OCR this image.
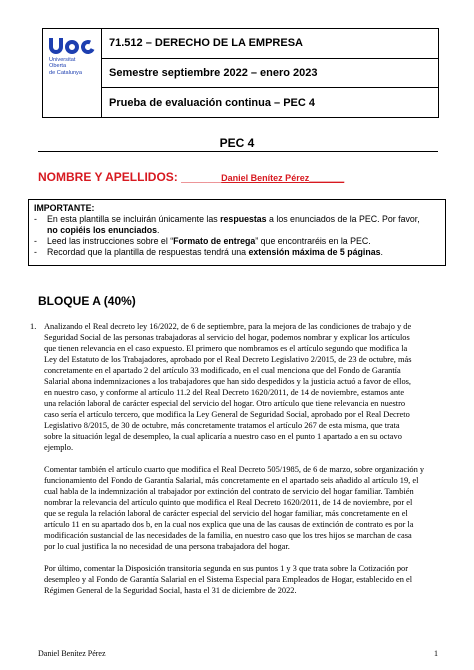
Universitat
Oberta
de Catalunya
71.512 – DERECHO DE LA EMPRESA
Semestre septiembre 2022 – enero 2023
Prueba de evaluación continua – PEC 4
PEC 4
NOMBRE Y APELLIDOS: ______Daniel Benítez Pérez_______
IMPORTANTE:
-	En esta plantilla se incluirán únicamente las respuestas a los enunciados de la PEC. Por favor,
no copiéis los enunciados.
-	Leed las instrucciones sobre el “Formato de entrega” que encontraréis en la PEC.
-	Recordad que la plantilla de respuestas tendrá una extensión máxima de 5 páginas.
BLOQUE A (40%)
1. Analizando el Real decreto ley 16/2022, de 6 de septiembre, para la mejora de las condiciones de trabajo y de
Seguridad Social de las personas trabajadoras al servicio del hogar, podemos nombrar y explicar los artículos
que tienen relevancia en el caso expuesto. El primero que nombramos es el artículo segundo que modifica la
Ley del Estatuto de los Trabajadores, aprobado por el Real Decreto Legislativo 2/2015, de 23 de octubre, más
concretamente en el apartado 2 del artículo 33 modificado, en el cual menciona que del Fondo de Garantía
Salarial abona indemnizaciones a los trabajadores que han sido despedidos y la justicia actuó a favor de ellos,
en nuestro caso, y conforme al artículo 11.2 del Real Decreto 1620/2011, de 14 de noviembre, estamos ante
una relación laboral de carácter especial del servicio del hogar. Otro artículo que tiene relevancia en nuestro
caso sería el artículo tercero, que modifica la Ley General de Seguridad Social, aprobado por el Real Decreto
Legislativo 8/2015, de 30 de octubre, más concretamente tratamos el artículo 267 de esta misma, que trata
sobre la situación legal de desempleo, la cual aplicaría a nuestro caso en el punto 1 apartado a en su octavo
ejemplo.
Comentar también el artículo cuarto que modifica el Real Decreto 505/1985, de 6 de marzo, sobre organización y
funcionamiento del Fondo de Garantía Salarial, más concretamente en el apartado seis añadido al artículo 19, el
cual habla de la indemnización al trabajador por extinción del contrato de servicio del hogar familiar. También
nombrar la relevancia del artículo quinto que modifica el Real Decreto 1620/2011, de 14 de noviembre, por el
que se regula la relación laboral de carácter especial del servicio del hogar familiar, más concretamente en el
artículo 11 en su apartado dos b, en la cual nos explica que una de las causas de extinción de contrato es por la
modificación sustancial de las necesidades de la familia, en nuestro caso que los tres hijos se marchan de casa
por lo cual justifica la no necesidad de una persona trabajadora del hogar.
Por último, comentar la Disposición transitoria segunda en sus puntos 1 y 3 que trata sobre la Cotización por
desempleo y al Fondo de Garantía Salarial en el Sistema Especial para Empleados de Hogar, establecido en el
Régimen General de la Seguridad Social, hasta el 31 de diciembre de 2022.
Daniel Benítez Pérez	1
